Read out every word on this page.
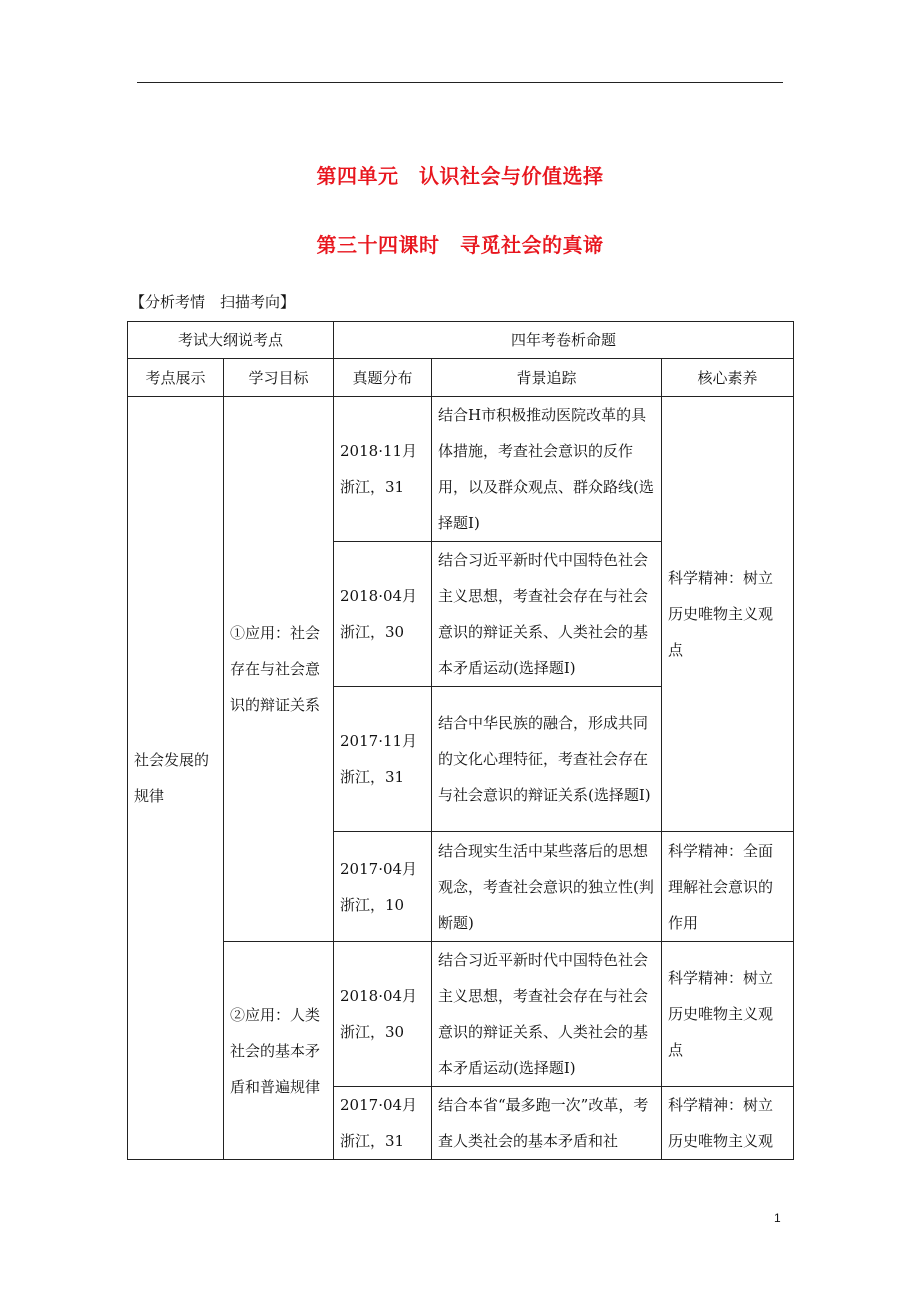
第四单元　认识社会与价值选择
第三十四课时　寻觅社会的真谛
【分析考情　扫描考向】
考试大纲说考点		四年考卷析命题		
考点展示	学习目标	真题分布	背景追踪	核心素养
社会发展的规律	①应用：社会存在与社会意识的辩证关系	2018·11月浙江，31	结合H市积极推动医院改革的具体措施，考查社会意识的反作用，以及群众观点、群众路线(选择题Ⅰ)	科学精神：树立历史唯物主义观点
		2018·04月浙江，30	结合习近平新时代中国特色社会主义思想，考查社会存在与社会意识的辩证关系、人类社会的基本矛盾运动(选择题Ⅰ)	
		2017·11月浙江，31	结合中华民族的融合，形成共同的文化心理特征，考查社会存在与社会意识的辩证关系(选择题Ⅰ)	
		2017·04月浙江，10	结合现实生活中某些落后的思想观念，考查社会意识的独立性(判断题)	科学精神：全面理解社会意识的作用
	②应用：人类社会的基本矛盾和普遍规律	2018·04月浙江，30	结合习近平新时代中国特色社会主义思想，考查社会存在与社会意识的辩证关系、人类社会的基本矛盾运动(选择题Ⅰ)	科学精神：树立历史唯物主义观点
		2017·04月浙江，31	结合本省“最多跑一次”改革，考查人类社会的基本矛盾和社	科学精神：树立历史唯物主义观
1
